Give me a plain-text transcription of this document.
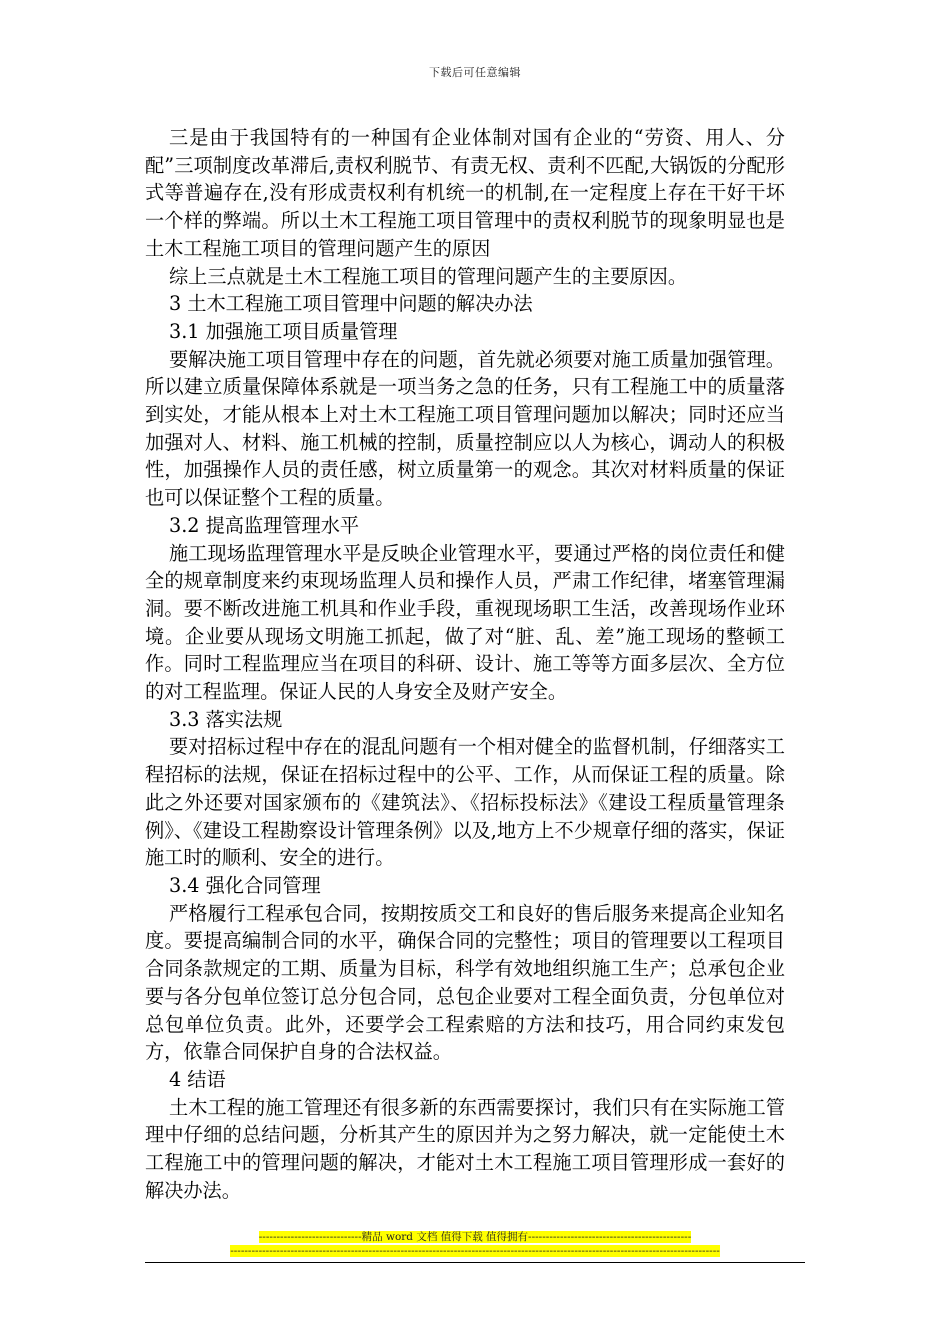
下载后可任意编辑

三是由于我国特有的一种国有企业体制对国有企业的“劳资、用人、分配”三项制度改革滞后,责权利脱节、有责无权、责利不匹配,大锅饭的分配形式等普遍存在,没有形成责权利有机统一的机制,在一定程度上存在干好干坏一个样的弊端。所以土木工程施工项目管理中的责权利脱节的现象明显也是土木工程施工项目的管理问题产生的原因

综上三点就是土木工程施工项目的管理问题产生的主要原因。

3 土木工程施工项目管理中问题的解决办法

3.1 加强施工项目质量管理

要解决施工项目管理中存在的问题，首先就必须要对施工质量加强管理。所以建立质量保障体系就是一项当务之急的任务，只有工程施工中的质量落到实处，才能从根本上对土木工程施工项目管理问题加以解决；同时还应当加强对人、材料、施工机械的控制，质量控制应以人为核心，调动人的积极性，加强操作人员的责任感，树立质量第一的观念。其次对材料质量的保证也可以保证整个工程的质量。

3.2 提高监理管理水平

施工现场监理管理水平是反映企业管理水平，要通过严格的岗位责任和健全的规章制度来约束现场监理人员和操作人员，严肃工作纪律，堵塞管理漏洞。要不断改进施工机具和作业手段，重视现场职工生活，改善现场作业环境。企业要从现场文明施工抓起，做了对“脏、乱、差”施工现场的整顿工作。同时工程监理应当在项目的科研、设计、施工等等方面多层次、全方位的对工程监理。保证人民的人身安全及财产安全。

3.3 落实法规

要对招标过程中存在的混乱问题有一个相对健全的监督机制，仔细落实工程招标的法规，保证在招标过程中的公平、工作，从而保证工程的质量。除此之外还要对国家颁布的《建筑法》、《招标投标法》《建设工程质量管理条例》、《建设工程勘察设计管理条例》以及,地方上不少规章仔细的落实，保证施工时的顺利、安全的进行。

3.4 强化合同管理

严格履行工程承包合同，按期按质交工和良好的售后服务来提高企业知名度。要提高编制合同的水平，确保合同的完整性；项目的管理要以工程项目合同条款规定的工期、质量为目标，科学有效地组织施工生产；总承包企业要与各分包单位签订总分包合同，总包企业要对工程全面负责，分包单位对总包单位负责。此外，还要学会工程索赔的方法和技巧，用合同约束发包方，依靠合同保护自身的合法权益。

4 结语

土木工程的施工管理还有很多新的东西需要探讨，我们只有在实际施工管理中仔细的总结问题，分析其产生的原因并为之努力解决，就一定能使土木工程施工中的管理问题的解决，才能对土木工程施工项目管理形成一套好的解决办法。

-----------------------------精品 word 文档 值得下载 值得拥有----------------------------------------------
------------------------------------------------------------------------------------------------------------------------------------------
